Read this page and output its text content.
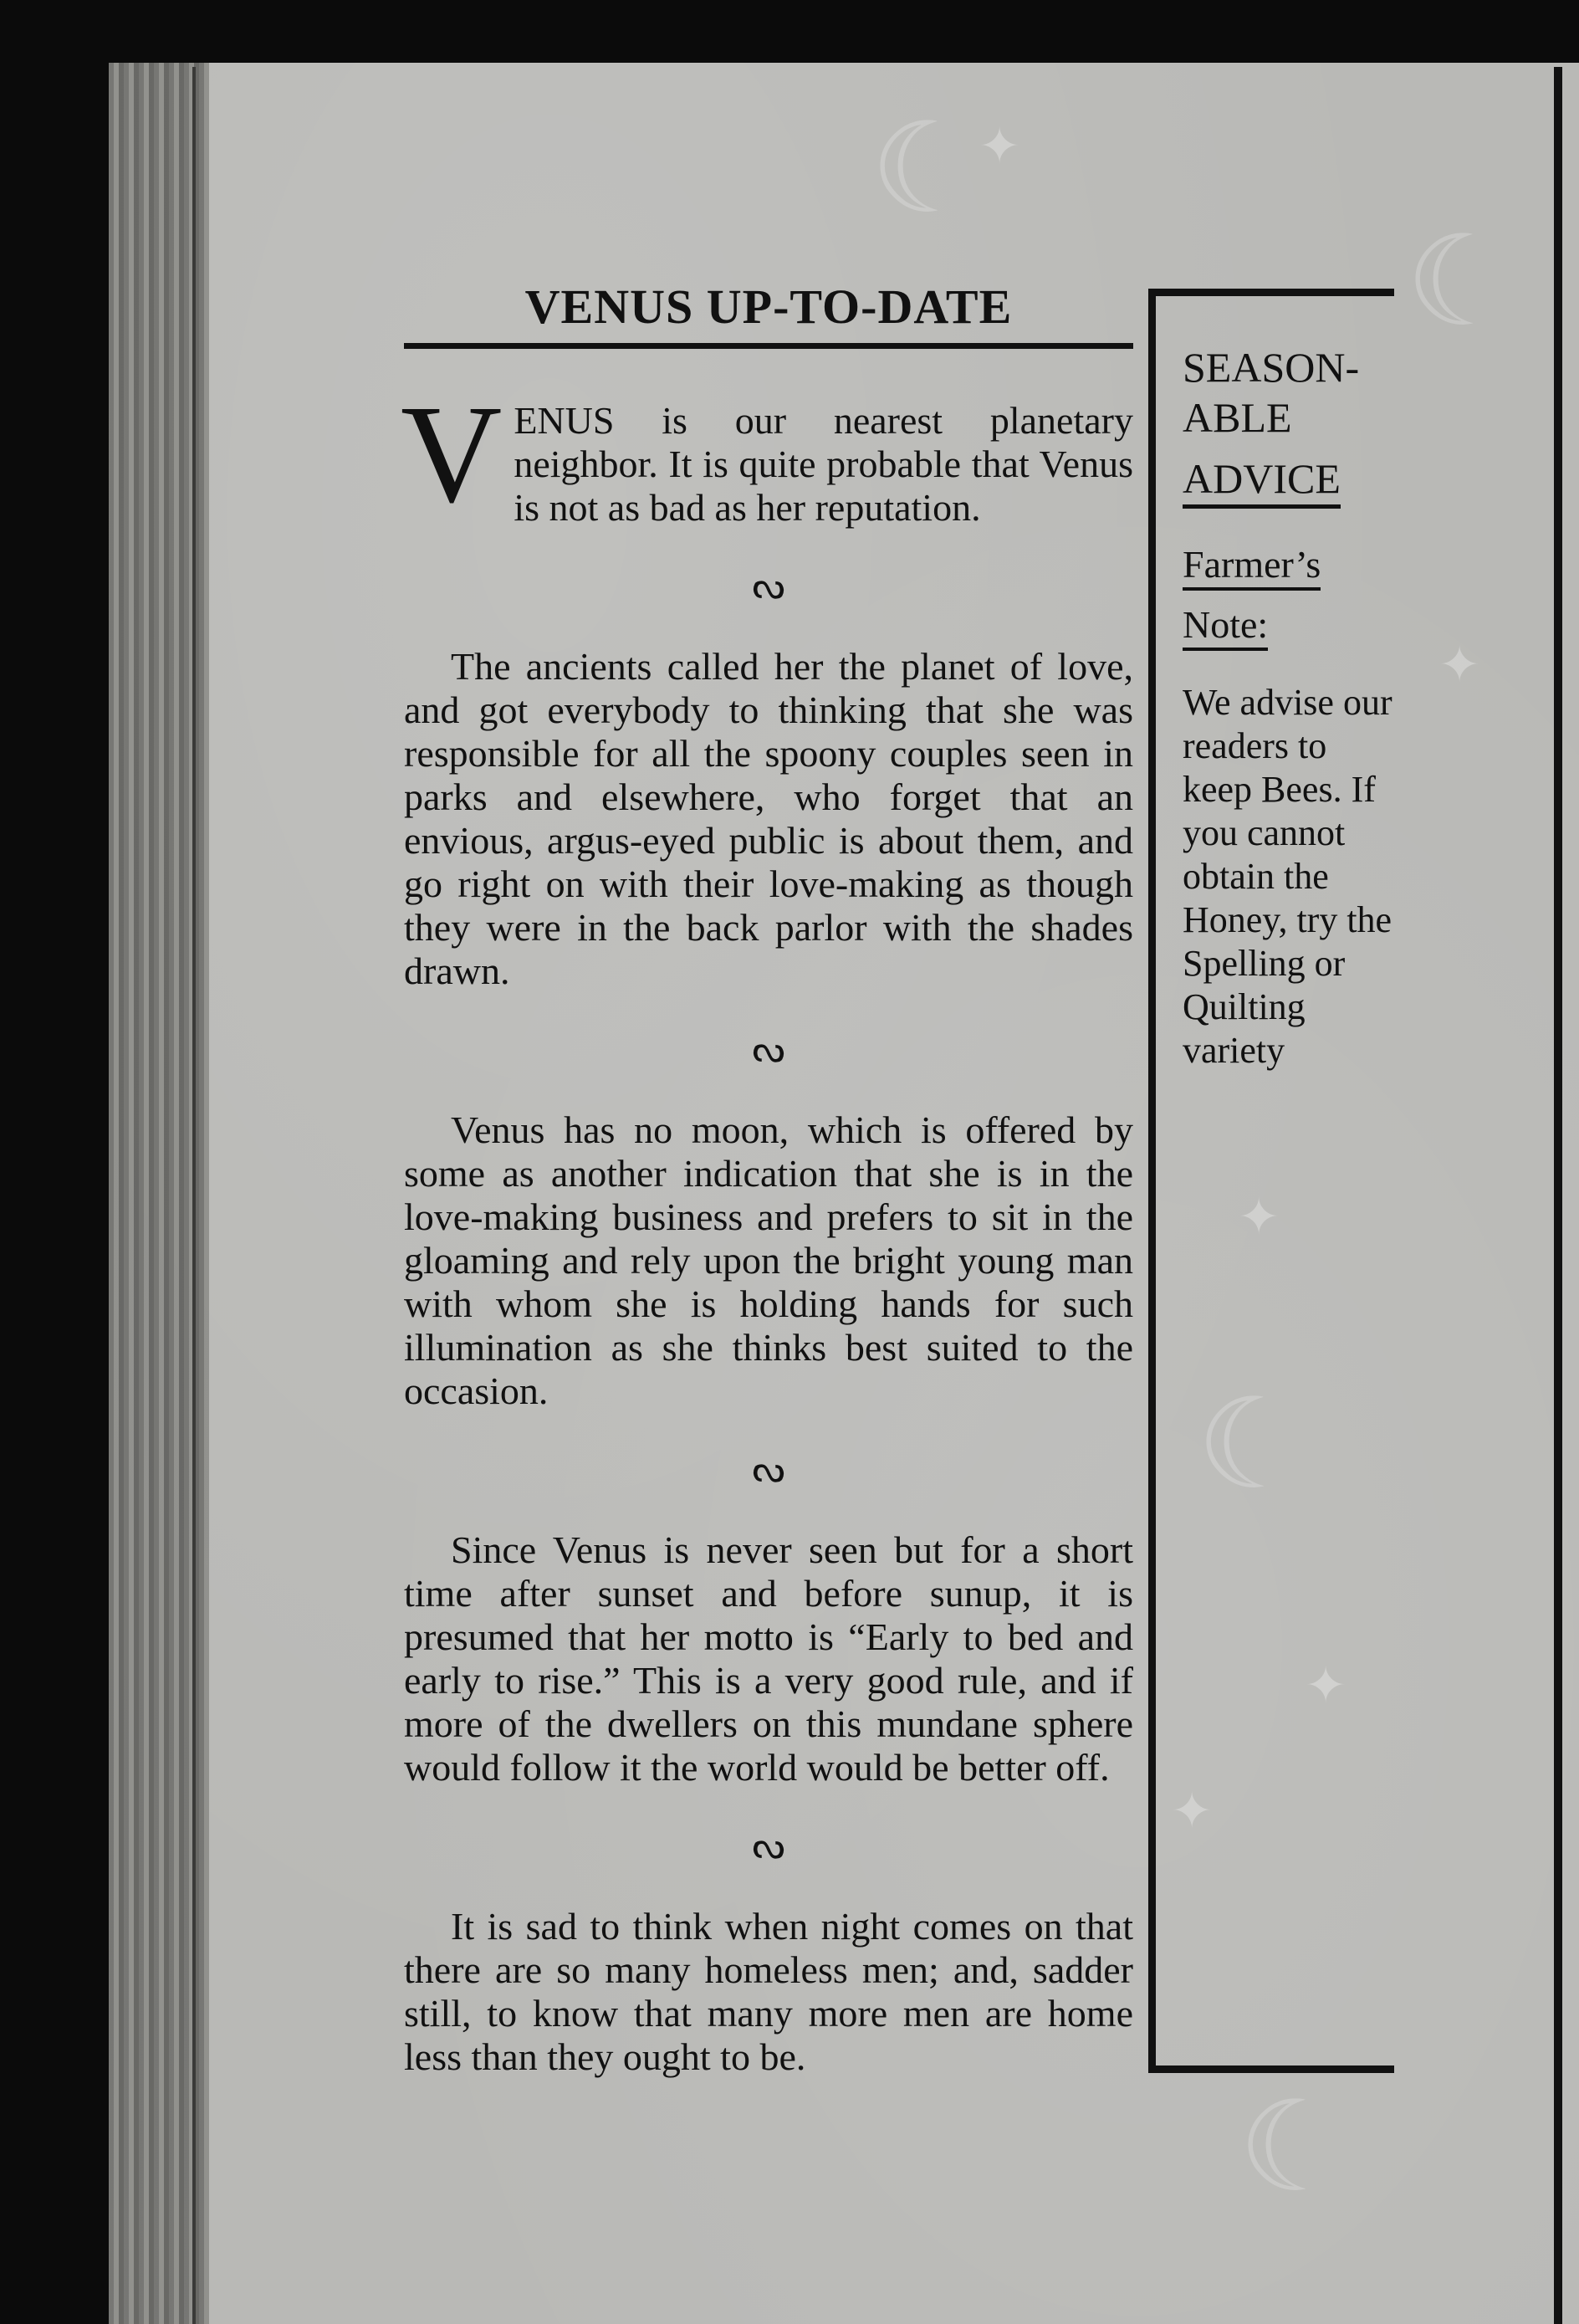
☾
☾
☾
☾
✦
✦
✦
✦
✦
VENUS UP-TO-DATE

VENUS is our nearest planetary neighbor. It is quite probable that Venus is not as bad as her reputation.

ᔓ

The ancients called her the planet of love, and got everybody to thinking that she was responsible for all the spoony couples seen in parks and elsewhere, who forget that an envious, argus-eyed public is about them, and go right on with their love-making as though they were in the back parlor with the shades drawn.

ᔓ

Venus has no moon, which is offered by some as another indication that she is in the love-making business and prefers to sit in the gloaming and rely upon the bright young man with whom she is holding hands for such illumination as she thinks best suited to the occasion.

ᔓ

Since Venus is never seen but for a short time after sunset and before sunup, it is presumed that her motto is “Early to bed and early to rise.” This is a very good rule, and if more of the dwellers on this mundane sphere would follow it the world would be better off.

ᔓ

It is sad to think when night comes on that there are so many homeless men; and, sadder still, to know that many more men are home less than they ought to be.

SEASON-

ABLE

ADVICE

Farmer’s
Note:

We advise our readers to keep Bees. If you cannot obtain the Honey, try the Spelling or Quilting variety
